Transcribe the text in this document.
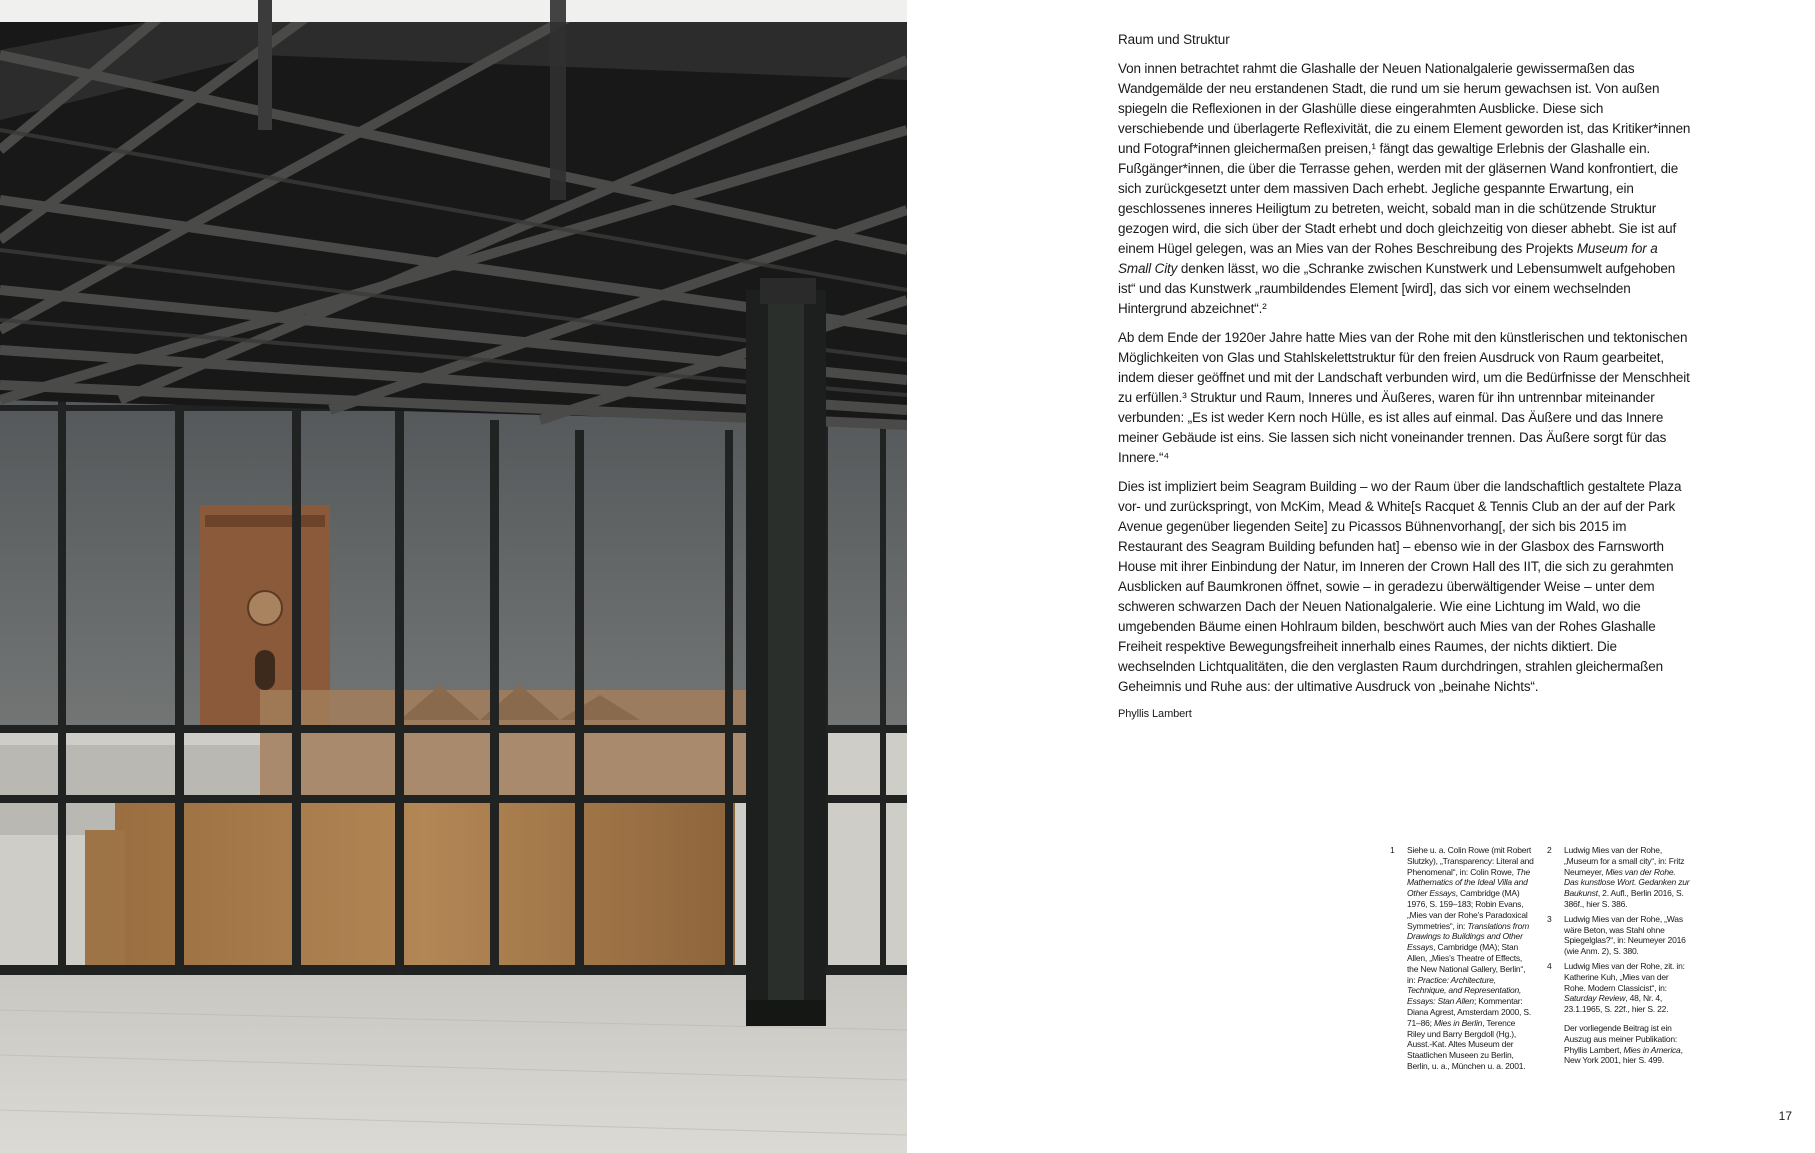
Raum und Struktur

Von innen betrachtet rahmt die Glashalle der Neuen Nationalgalerie gewissermaßen das Wandgemälde der neu erstandenen Stadt, die rund um sie herum gewachsen ist. Von außen spiegeln die Reflexionen in der Glashülle diese eingerahmten Ausblicke. Diese sich verschiebende und überlagerte Reflexivität, die zu einem Element geworden ist, das Kritiker*innen und Fotograf*innen gleichermaßen preisen,¹ fängt das gewaltige Erlebnis der Glashalle ein. Fußgänger*innen, die über die Terrasse gehen, werden mit der gläsernen Wand konfrontiert, die sich zurückgesetzt unter dem massiven Dach erhebt. Jegliche gespannte Erwartung, ein geschlossenes inneres Heiligtum zu betreten, weicht, sobald man in die schützende Struktur gezogen wird, die sich über der Stadt erhebt und doch gleichzeitig von dieser abhebt. Sie ist auf einem Hügel gelegen, was an Mies van der Rohes Beschreibung des Projekts Museum for a Small City denken lässt, wo die „Schranke zwischen Kunstwerk und Lebensumwelt aufgehoben ist“ und das Kunstwerk „raumbildendes Element [wird], das sich vor einem wechselnden Hintergrund abzeichnet“.²

Ab dem Ende der 1920er Jahre hatte Mies van der Rohe mit den künstlerischen und tektonischen Möglichkeiten von Glas und Stahlskelettstruktur für den freien Ausdruck von Raum gearbeitet, indem dieser geöffnet und mit der Landschaft verbunden wird, um die Bedürfnisse der Menschheit zu erfüllen.³ Struktur und Raum, Inneres und Äußeres, waren für ihn untrennbar miteinander verbunden: „Es ist weder Kern noch Hülle, es ist alles auf einmal. Das Äußere und das Innere meiner Gebäude ist eins. Sie lassen sich nicht voneinander trennen. Das Äußere sorgt für das Innere.“⁴

Dies ist impliziert beim Seagram Building – wo der Raum über die landschaftlich gestaltete Plaza vor- und zurückspringt, von McKim, Mead & White[s Racquet & Tennis Club an der auf der Park Avenue gegenüber liegenden Seite] zu Picassos Bühnenvorhang[, der sich bis 2015 im Restaurant des Seagram Building befunden hat] – ebenso wie in der Glasbox des Farnsworth House mit ihrer Einbindung der Natur, im Inneren der Crown Hall des IIT, die sich zu gerahmten Ausblicken auf Baumkronen öffnet, sowie – in geradezu überwältigender Weise – unter dem schweren schwarzen Dach der Neuen Nationalgalerie. Wie eine Lichtung im Wald, wo die umgebenden Bäume einen Hohlraum bilden, beschwört auch Mies van der Rohes Glashalle Freiheit respektive Bewegungsfreiheit innerhalb eines Raumes, der nichts diktiert. Die wechselnden Lichtqualitäten, die den verglasten Raum durchdringen, strahlen gleichermaßen Geheimnis und Ruhe aus: der ultimative Ausdruck von „beinahe Nichts“.

Phyllis Lambert
1	Siehe u. a. Colin Rowe (mit Robert Slutzky), „Transparency: Literal and Phenomenal“, in: Colin Rowe, The Mathematics of the Ideal Villa and Other Essays, Cambridge (MA) 1976, S. 159–183; Robin Evans, „Mies van der Rohe’s Paradoxical Symmetries“, in: Translations from Drawings to Buildings and Other Essays, Cambridge (MA); Stan Allen, „Mies’s Theatre of Effects, the New National Gallery, Berlin“, in: Practice: Architecture, Technique, and Representation, Essays: Stan Allen; Kommentar: Diana Agrest, Amsterdam 2000, S. 71–86; Mies in Berlin, Terence Riley und Barry Bergdoll (Hg.), Ausst.-Kat. Altes Museum der Staatlichen Museen zu Berlin, Berlin, u. a., München u. a. 2001.
2	Ludwig Mies van der Rohe, „Museum for a small city“, in: Fritz Neumeyer, Mies van der Rohe. Das kunstlose Wort. Gedanken zur Baukunst, 2. Aufl., Berlin 2016, S. 386f., hier S. 386.
3	Ludwig Mies van der Rohe, „Was wäre Beton, was Stahl ohne Spiegelglas?“, in: Neumeyer 2016 (wie Anm. 2), S. 380.
4	Ludwig Mies van der Rohe, zit. in: Katherine Kuh, „Mies van der Rohe. Modern Classicist“, in: Saturday Review, 48, Nr. 4, 23.1.1965, S. 22f., hier S. 22.
Der vorliegende Beitrag ist ein Auszug aus meiner Publikation: Phyllis Lambert, Mies in America, New York 2001, hier S. 499.
17
